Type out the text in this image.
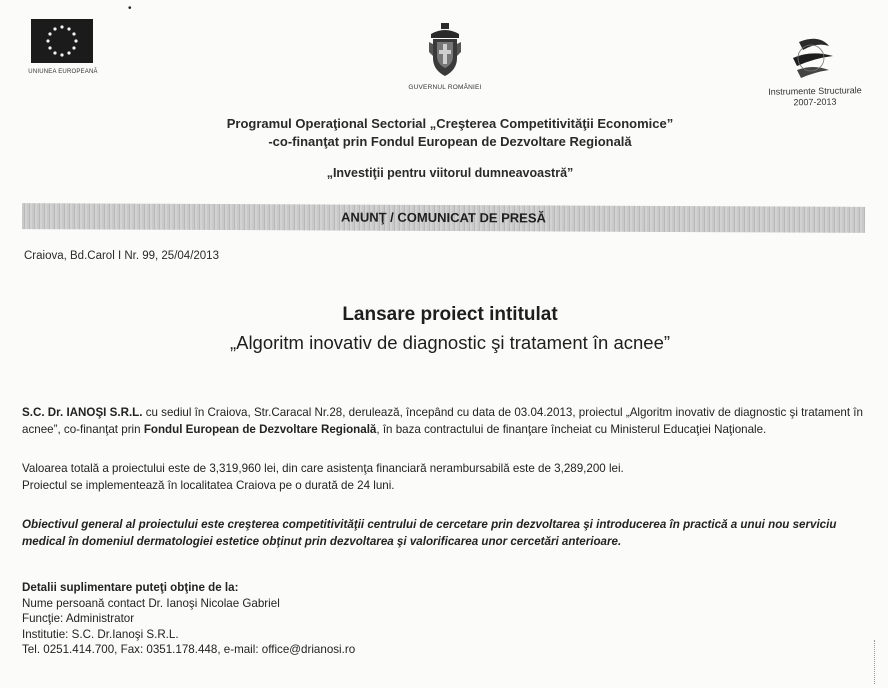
•
UNIUNEA EUROPEANĂ
GUVERNUL ROMÂNIEI	Instrumente Structurale
2007-2013
Programul Operaţional Sectorial „Creşterea Competitivităţii Economice”
-co-finanţat prin Fondul European de Dezvoltare Regională
„Investiţii pentru viitorul dumneavoastră”
ANUNŢ / COMUNICAT DE PRESĂ
Craiova, Bd.Carol I Nr. 99, 25/04/2013
Lansare proiect intitulat
„Algoritm inovativ de diagnostic şi tratament în acnee”
S.C. Dr. IANOŞI S.R.L. cu sediul în Craiova, Str.Caracal Nr.28, derulează, începând cu data de 03.04.2013, proiectul „Algoritm inovativ de diagnostic şi tratament în acnee”, co-finanţat prin Fondul European de Dezvoltare Regională, în baza contractului de finanţare încheiat cu Ministerul Educaţiei Naţionale.
Valoarea totală a proiectului este de 3,319,960 lei, din care asistenţa financiară nerambursabilă este de 3,289,200 lei.
Proiectul se implementează în localitatea Craiova pe o durată de 24 luni.
Obiectivul general al proiectului este creşterea competitivităţii centrului de cercetare prin dezvoltarea şi introducerea în practică a unui nou serviciu medical în domeniul dermatologiei estetice obţinut prin dezvoltarea şi valorificarea unor cercetări anterioare.
Detalii suplimentare puteţi obţine de la:
Nume persoană contact Dr. Ianoşi Nicolae Gabriel
Funcţie: Administrator
Institutie: S.C. Dr.Ianoşi S.R.L.
Tel. 0251.414.700, Fax: 0351.178.448, e-mail: office@drianosi.ro
